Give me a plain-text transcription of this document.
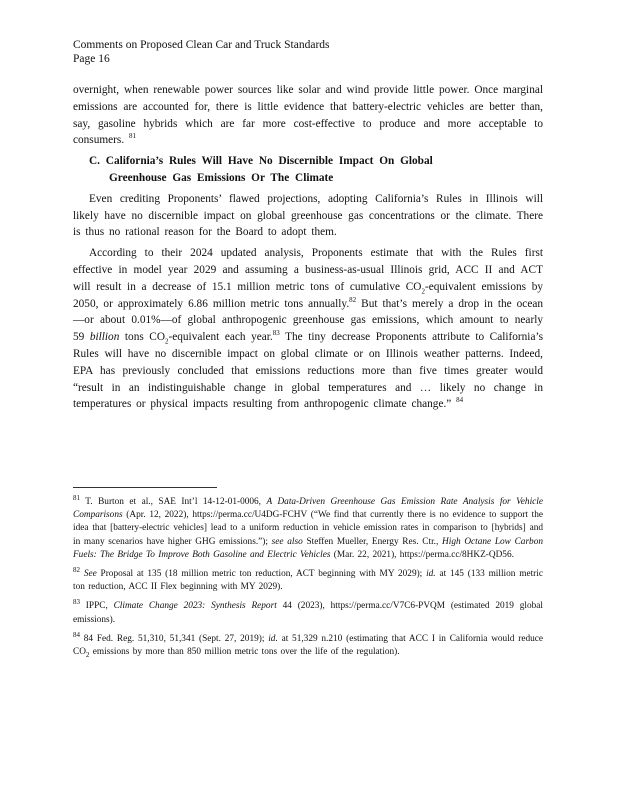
Comments on Proposed Clean Car and Truck Standards
Page 16

overnight, when renewable power sources like solar and wind provide little power. Once marginal emissions are accounted for, there is little evidence that battery-electric vehicles are better than, say, gasoline hybrids which are far more cost-effective to produce and more acceptable to consumers. $^{81}$

C. California’s Rules Will Have No Discernible Impact On Global
Greenhouse Gas Emissions Or The Climate

Even crediting Proponents’ flawed projections, adopting California’s Rules in Illinois will likely have no discernible impact on global greenhouse gas concentrations or the climate. There is thus no rational reason for the Board to adopt them.

According to their 2024 updated analysis, Proponents estimate that with the Rules first effective in model year 2029 and assuming a business-as-usual Illinois grid, ACC II and ACT will result in a decrease of 15.1 million metric tons of cumulative $CO_2$-equivalent emissions by 2050, or approximately 6.86 million metric tons annually.$^{82}$ But that’s merely a drop in the ocean—or about 0.01%—of global anthropogenic greenhouse gas emissions, which amount to nearly 59 billion tons $CO_2$-equivalent each year.$^{83}$ The tiny decrease Proponents attribute to California’s Rules will have no discernible impact on global climate or on Illinois weather patterns. Indeed, EPA has previously concluded that emissions reductions more than five times greater would “result in an indistinguishable change in global temperatures and … likely no change in temperatures or physical impacts resulting from anthropogenic climate change.” $^{84}$

$^{81}$ T. Burton et al., SAE Int’l 14-12-01-0006, A Data-Driven Greenhouse Gas Emission Rate Analysis for Vehicle Comparisons (Apr. 12, 2022), https://perma.cc/U4DG-FCHV (“We find that currently there is no evidence to support the idea that [battery-electric vehicles] lead to a uniform reduction in vehicle emission rates in comparison to [hybrids] and in many scenarios have higher GHG emissions.”); see also Steffen Mueller, Energy Res. Ctr., High Octane Low Carbon Fuels: The Bridge To Improve Both Gasoline and Electric Vehicles (Mar. 22, 2021), https://perma.cc/8HKZ-QD56.

$^{82}$ See Proposal at 135 (18 million metric ton reduction, ACT beginning with MY 2029); id. at 145 (133 million metric ton reduction, ACC II Flex beginning with MY 2029).

$^{83}$ IPPC, Climate Change 2023: Synthesis Report 44 (2023), https://perma.cc/V7C6-PVQM (estimated 2019 global emissions).

$^{84}$ 84 Fed. Reg. 51,310, 51,341 (Sept. 27, 2019); id. at 51,329 n.210 (estimating that ACC I in California would reduce $CO_2$ emissions by more than 850 million metric tons over the life of the regulation).
